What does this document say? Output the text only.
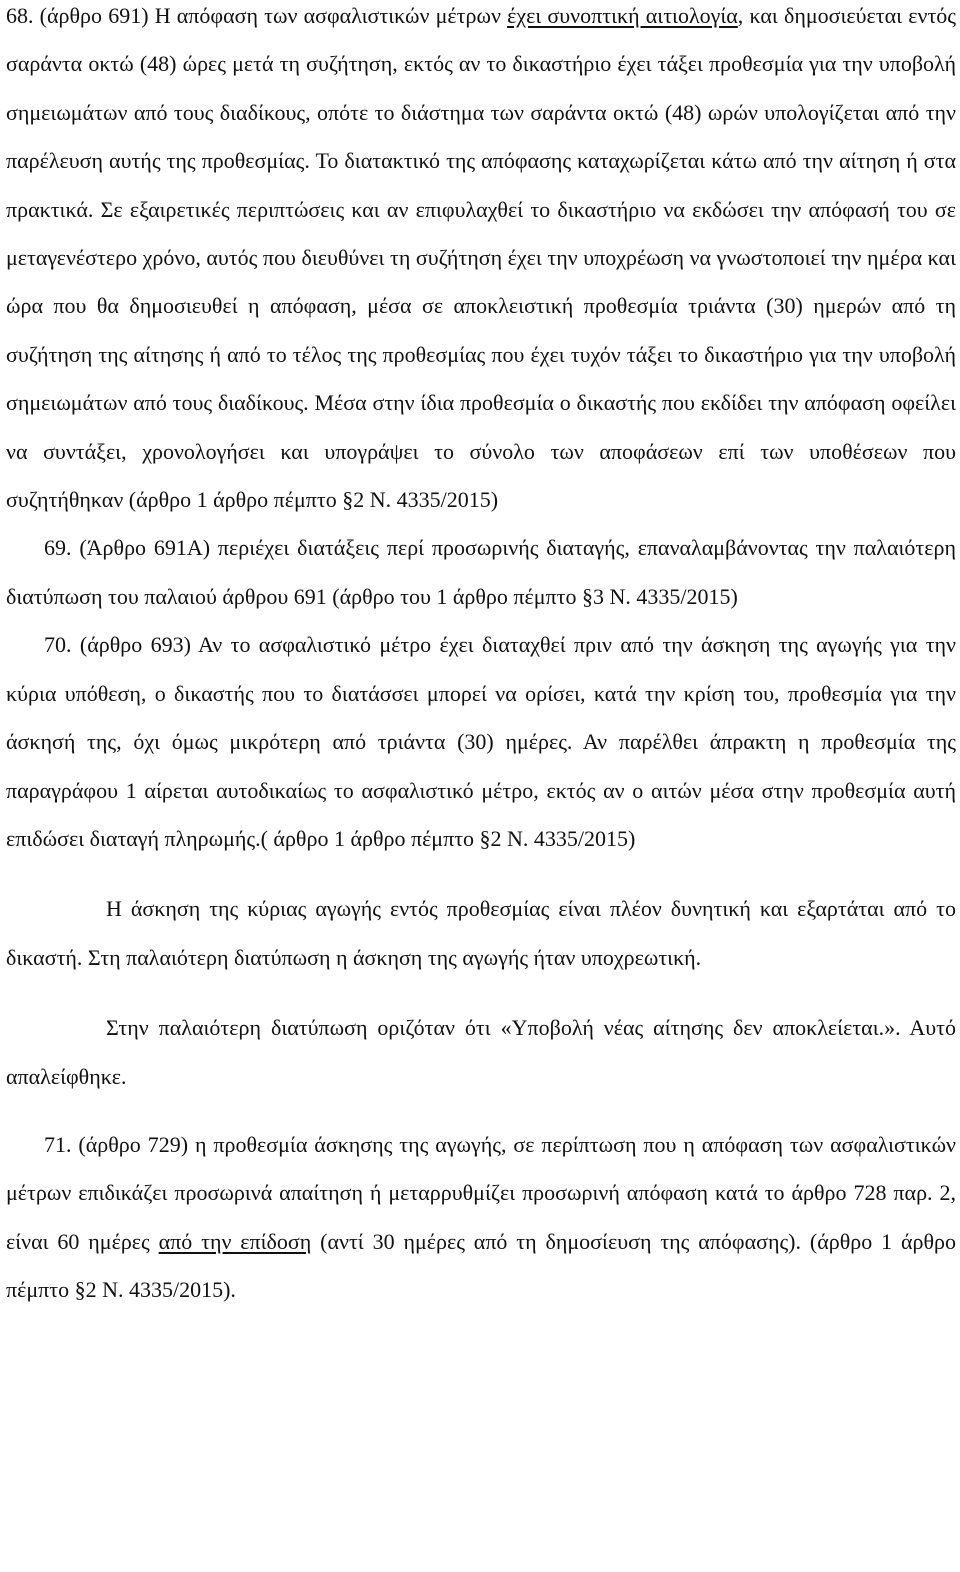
68. (άρθρο 691) Η απόφαση των ασφαλιστικών μέτρων έχει συνοπτική αιτιολογία, και δημοσιεύεται εντός σαράντα οκτώ (48) ώρες μετά τη συζήτηση, εκτός αν το δικαστήριο έχει τάξει προθεσμία για την υποβολή σημειωμάτων από τους διαδίκους, οπότε το διάστημα των σαράντα οκτώ (48) ωρών υπολογίζεται από την παρέλευση αυτής της προθεσμίας. Το διατακτικό της απόφασης καταχωρίζεται κάτω από την αίτηση ή στα πρακτικά. Σε εξαιρετικές περιπτώσεις και αν επιφυλαχθεί το δικαστήριο να εκδώσει την απόφασή του σε μεταγενέστερο χρόνο, αυτός που διευθύνει τη συζήτηση έχει την υποχρέωση να γνωστοποιεί την ημέρα και ώρα που θα δημοσιευθεί η απόφαση, μέσα σε αποκλειστική προθεσμία τριάντα (30) ημερών από τη συζήτηση της αίτησης ή από το τέλος της προθεσμίας που έχει τυχόν τάξει το δικαστήριο για την υποβολή σημειωμάτων από τους διαδίκους. Μέσα στην ίδια προθεσμία ο δικαστής που εκδίδει την απόφαση οφείλει να συντάξει, χρονολογήσει και υπογράψει το σύνολο των αποφάσεων επί των υποθέσεων που συζητήθηκαν (άρθρο 1 άρθρο πέμπτο §2 Ν. 4335/2015)

69. (Άρθρο 691Α) περιέχει διατάξεις περί προσωρινής διαταγής, επαναλαμβάνοντας την παλαιότερη διατύπωση του παλαιού άρθρου 691 (άρθρο του 1 άρθρο πέμπτο §3 Ν. 4335/2015)

70. (άρθρο 693) Αν το ασφαλιστικό μέτρο έχει διαταχθεί πριν από την άσκηση της αγωγής για την κύρια υπόθεση, ο δικαστής που το διατάσσει μπορεί να ορίσει, κατά την κρίση του, προθεσμία για την άσκησή της, όχι όμως μικρότερη από τριάντα (30) ημέρες. Αν παρέλθει άπρακτη η προθεσμία της παραγράφου 1 αίρεται αυτοδικαίως το ασφαλιστικό μέτρο, εκτός αν ο αιτών μέσα στην προθεσμία αυτή επιδώσει διαταγή πληρωμής.( άρθρο 1 άρθρο πέμπτο §2 Ν. 4335/2015)

Η άσκηση της κύριας αγωγής εντός προθεσμίας είναι πλέον δυνητική και εξαρτάται από το δικαστή. Στη παλαιότερη διατύπωση η άσκηση της αγωγής ήταν υποχρεωτική.

Στην παλαιότερη διατύπωση οριζόταν ότι «Υποβολή νέας αίτησης δεν αποκλείεται.». Αυτό απαλείφθηκε.

71. (άρθρο 729) η προθεσμία άσκησης της αγωγής, σε περίπτωση που η απόφαση των ασφαλιστικών μέτρων επιδικάζει προσωρινά απαίτηση ή μεταρρυθμίζει προσωρινή απόφαση κατά το άρθρο 728 παρ. 2, είναι 60 ημέρες από την επίδοση (αντί 30 ημέρες από τη δημοσίευση της απόφασης). (άρθρο 1 άρθρο πέμπτο §2 Ν. 4335/2015).
